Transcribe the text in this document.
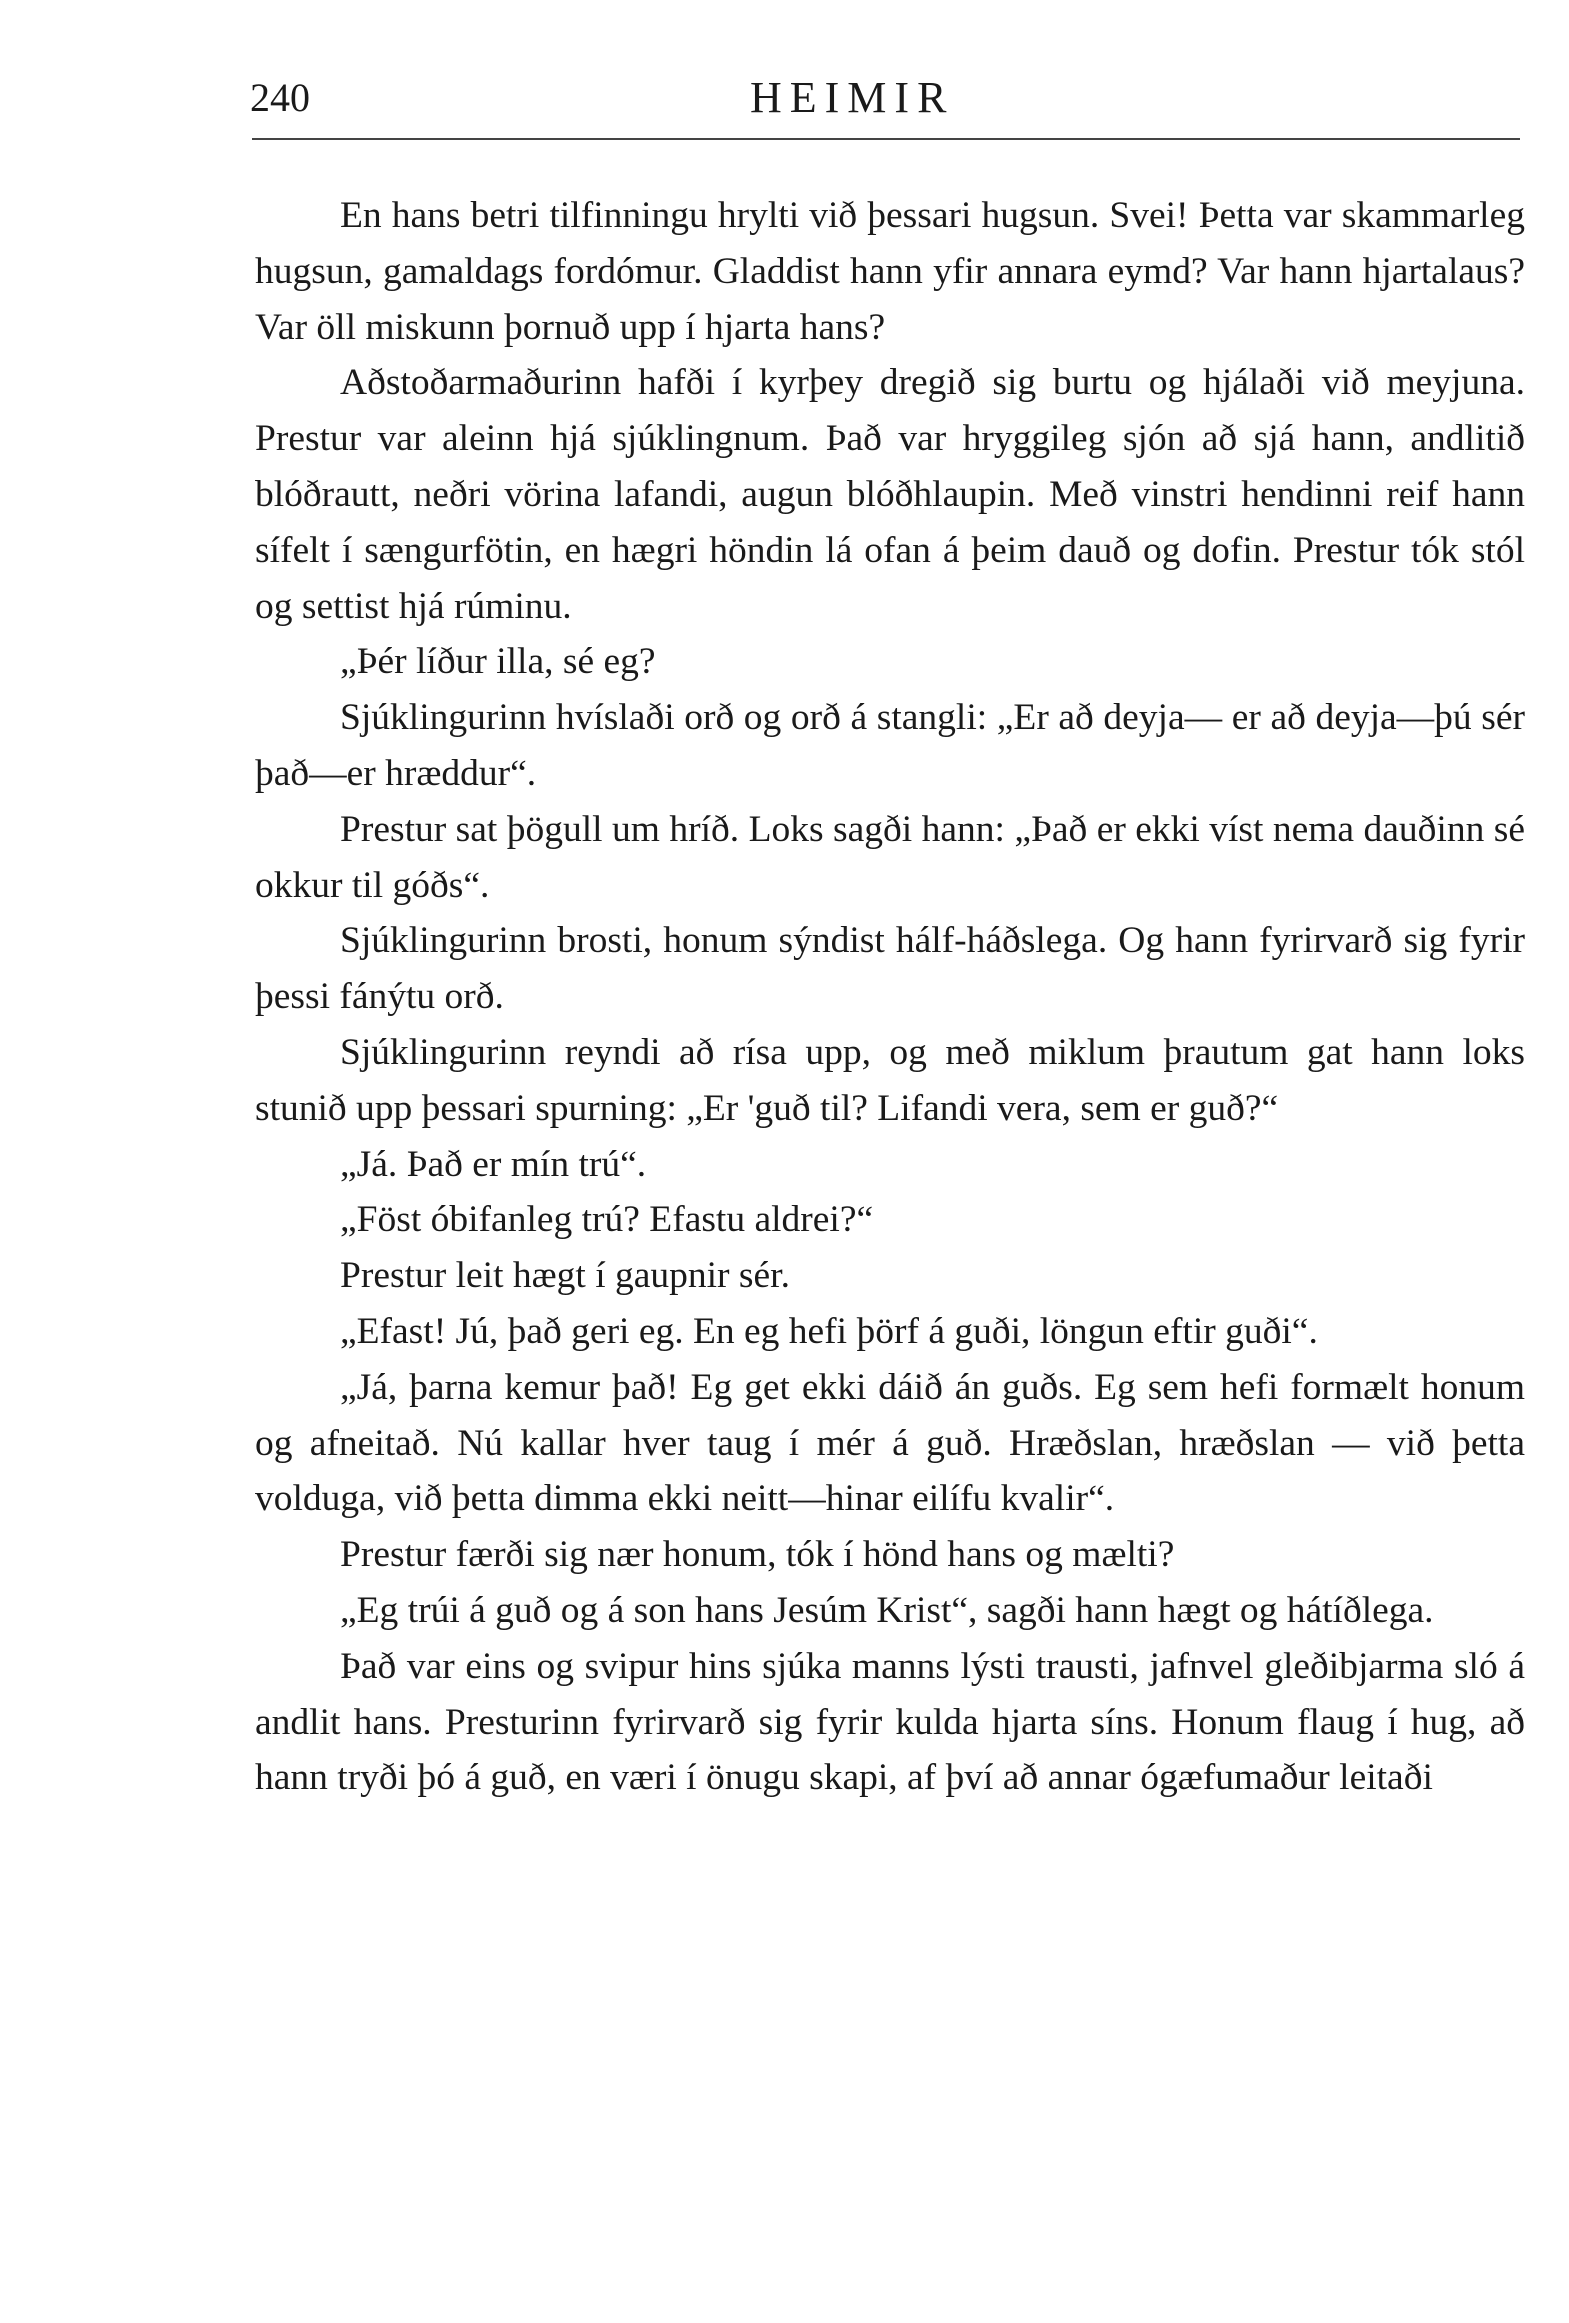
240	HEIMIR

En hans betri tilfinningu hrylti við þessari hugsun. Svei! Þetta var skammarleg hugsun, gamaldags fordómur. Gladdist hann yfir annara eymd? Var hann hjartalaus? Var öll miskunn þornuð upp í hjarta hans?

Aðstoðarmaðurinn hafði í kyrþey dregið sig burtu og hjálaði við meyjuna. Prestur var aleinn hjá sjúklingnum. Það var hryggileg sjón að sjá hann, andlitið blóðrautt, neðri vörina lafandi, augun blóðhlaupin. Með vinstri hendinni reif hann sífelt í sængurfötin, en hægri höndin lá ofan á þeim dauð og dofin. Prestur tók stól og settist hjá rúminu.

„Þér líður illa, sé eg?

Sjúklingurinn hvíslaði orð og orð á stangli: „Er að deyja— er að deyja—þú sér það—er hræddur“.

Prestur sat þögull um hríð. Loks sagði hann: „Það er ekki víst nema dauðinn sé okkur til góðs“.

Sjúklingurinn brosti, honum sýndist hálf-háðslega. Og hann fyrirvarð sig fyrir þessi fánýtu orð.

Sjúklingurinn reyndi að rísa upp, og með miklum þrautum gat hann loks stunið upp þessari spurning: „Er 'guð til? Lifandi vera, sem er guð?“

„Já. Það er mín trú“.

„Föst óbifanleg trú? Efastu aldrei?“

Prestur leit hægt í gaupnir sér.

„Efast! Jú, það geri eg. En eg hefi þörf á guði, löngun eftir guði“.

„Já, þarna kemur það! Eg get ekki dáið án guðs. Eg sem hefi formælt honum og afneitað. Nú kallar hver taug í mér á guð. Hræðslan, hræðslan — við þetta volduga, við þetta dimma ekki neitt—hinar eilífu kvalir“.

Prestur færði sig nær honum, tók í hönd hans og mælti?

„Eg trúi á guð og á son hans Jesúm Krist“, sagði hann hægt og hátíðlega.

Það var eins og svipur hins sjúka manns lýsti trausti, jafnvel gleðibjarma sló á andlit hans. Presturinn fyrirvarð sig fyrir kulda hjarta síns. Honum flaug í hug, að hann tryði þó á guð, en væri í önugu skapi, af því að annar ógæfumaður leitaði
